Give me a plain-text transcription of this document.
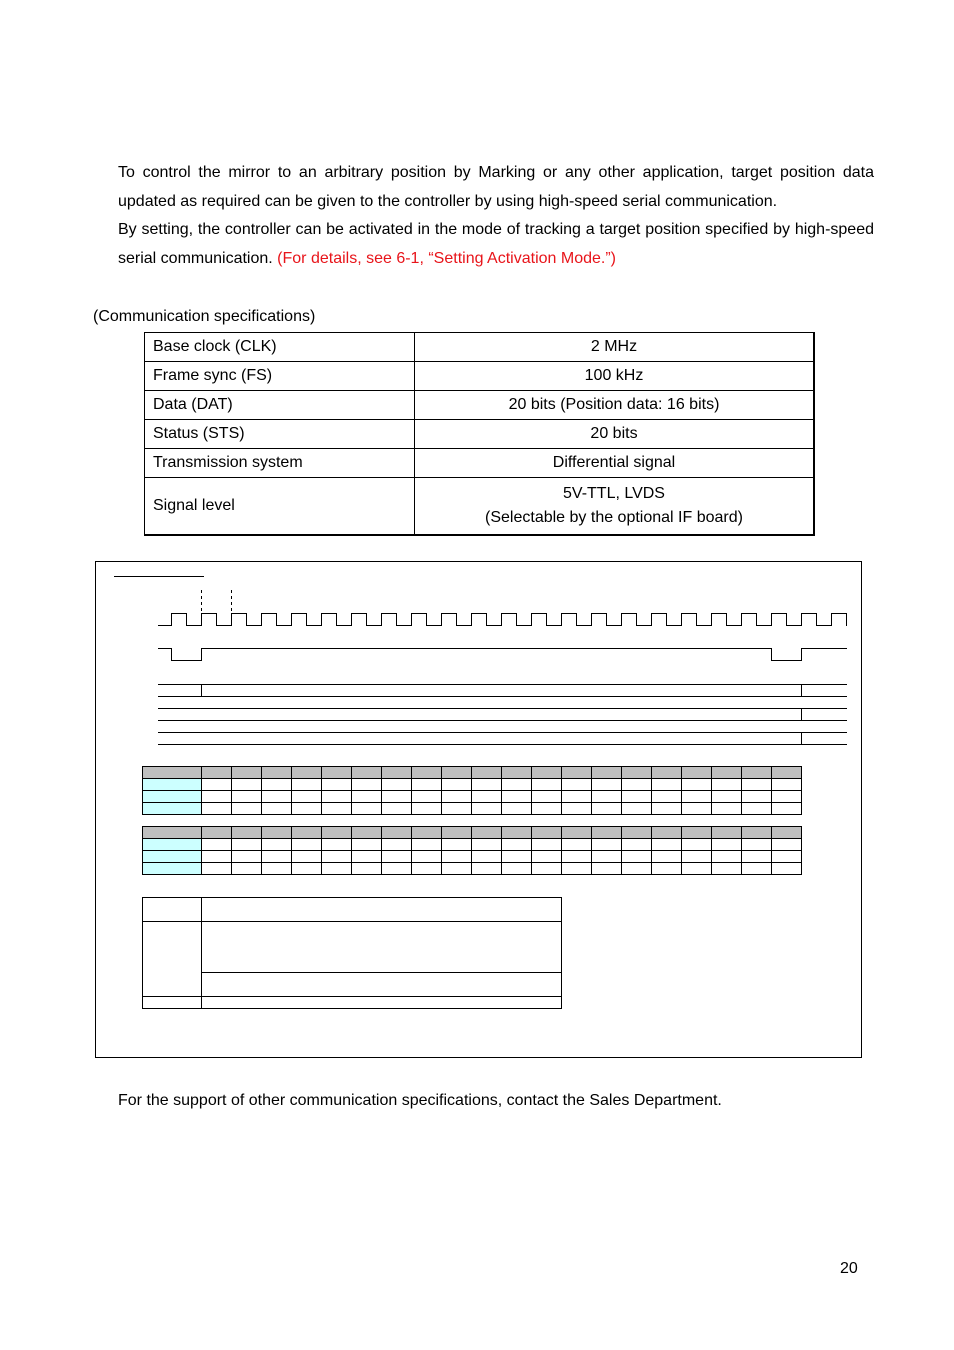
To control the mirror to an arbitrary position by Marking or any other application, target position data updated as required can be given to the controller by using high-speed serial communication.

By setting, the controller can be activated in the mode of tracking a target position specified by high-speed serial communication. (For details, see 6-1, “Setting Activation Mode.”)

(Communication specifications)
Base clock (CLK)	2 MHz
Frame sync (FS)	100 kHz
Data (DAT)	20 bits (Position data: 16 bits)
Status (STS)	20 bits
Transmission system	Differential signal
Signal level	5V-TTL, LVDS
(Selectable by the optional IF board)
For the support of other communication specifications, contact the Sales Department.
20
